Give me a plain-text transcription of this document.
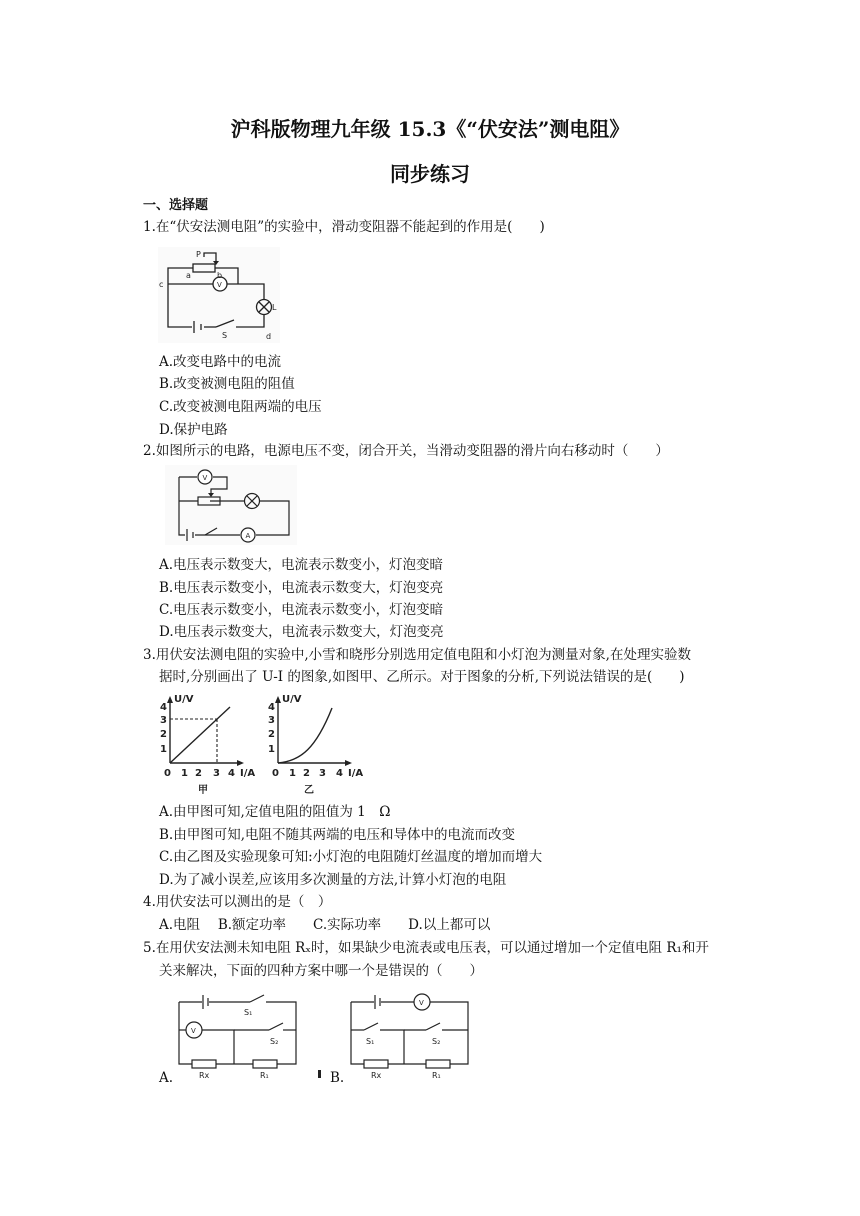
沪科版物理九年级 15.3《“伏安法”测电阻》
同步练习
一、选择题
1.在“伏安法测电阻”的实验中，滑动变阻器不能起到的作用是(　　)
P
a	b
c
d
L
S
V
A.改变电路中的电流
B.改变被测电阻的阻值
C.改变被测电阻两端的电压
D.保护电路
2.如图所示的电路，电源电压不变，闭合开关，当滑动变阻器的滑片向右移动时（　　）
V
A
A.电压表示数变大，电流表示数变小，灯泡变暗
B.电压表示数变小，电流表示数变大，灯泡变亮
C.电压表示数变小，电流表示数变小，灯泡变暗
D.电压表示数变大，电流表示数变大，灯泡变亮
3.用伏安法测电阻的实验中,小雪和晓彤分别选用定值电阻和小灯泡为测量对象,在处理实验数
据时,分别画出了 U-I 的图象,如图甲、乙所示。对于图象的分析,下列说法错误的是(　　)
U/V
I/A
4
3
2
1
0 1 2 3 4
甲
U/V
I/A
4
3
2
1
0 1 2 3 4
乙
A.由甲图可知,定值电阻的阻值为 1　Ω
B.由甲图可知,电阻不随其两端的电压和导体中的电流而改变
C.由乙图及实验现象可知:小灯泡的电阻随灯丝温度的增加而增大
D.为了减小误差,应该用多次测量的方法,计算小灯泡的电阻
4.用伏安法可以测出的是（　）
A.电阻　 B.额定功率　　C.实际功率　　D.以上都可以
5.在用伏安法测未知电阻 Rₓ时，如果缺少电流表或电压表，可以通过增加一个定值电阻 R₁和开
关来解决，下面的四种方案中哪一个是错误的（　　）
A.
V
S₁
S₂
Rx	R₁	B.
V
S₁	S₂
Rx	R₁
